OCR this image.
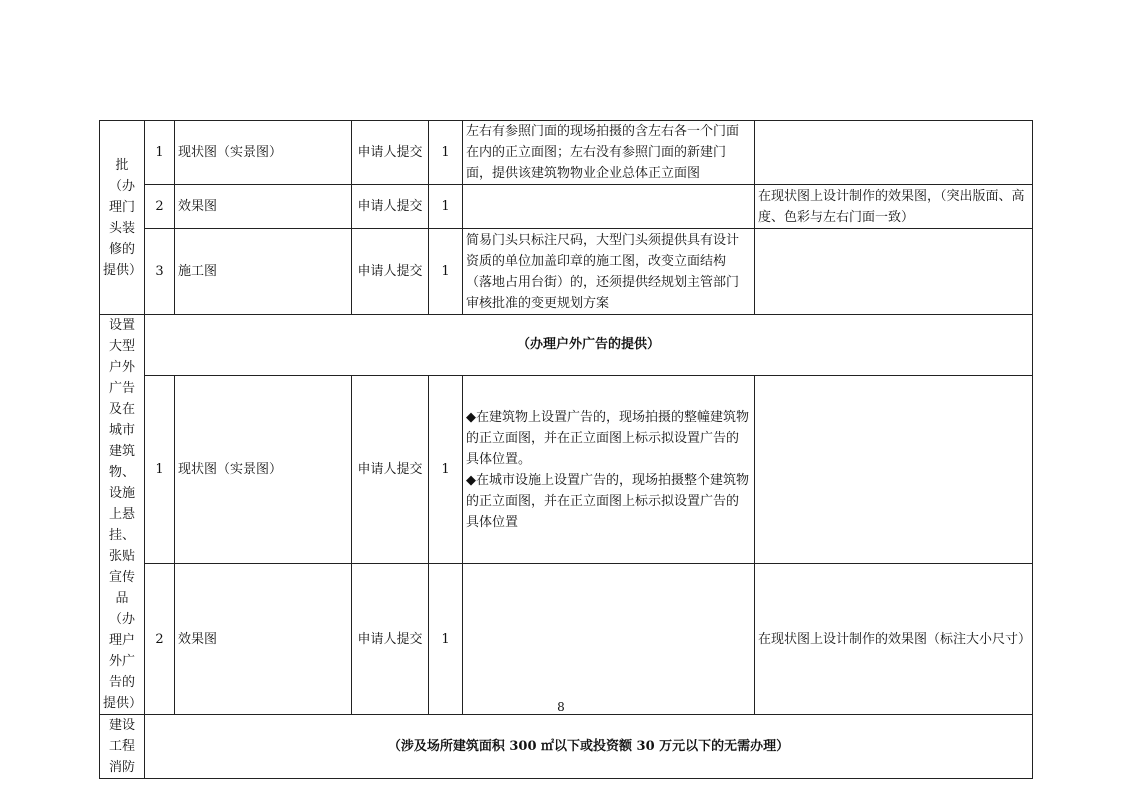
批（办理门头装修的提供）	1	现状图（实景图）	申请人提交	1	左右有参照门面的现场拍摄的含左右各一个门面在内的正立面图；左右没有参照门面的新建门面，提供该建筑物物业企业总体正立面图	
	2	效果图	申请人提交	1		在现状图上设计制作的效果图，（突出版面、高度、色彩与左右门面一致）
	3	施工图	申请人提交	1	简易门头只标注尺码，大型门头须提供具有设计资质的单位加盖印章的施工图，改变立面结构（落地占用台街）的，还须提供经规划主管部门审核批准的变更规划方案	
设置大型户外广告及在城市建筑物、设施上悬挂、张贴宣传品（办理户外广告的提供）	（办理户外广告的提供）					
	1	现状图（实景图）	申请人提交	1	◆在建筑物上设置广告的，现场拍摄的整幢建筑物的正立面图，并在正立面图上标示拟设置广告的具体位置。
◆在城市设施上设置广告的，现场拍摄整个建筑物的正立面图，并在正立面图上标示拟设置广告的具体位置	

	2	效果图	申请人提交	1		在现状图上设计制作的效果图（标注大小尺寸）
建设工程消防	（涉及场所建筑面积 300 ㎡以下或投资额 30 万元以下的无需办理）					
8
